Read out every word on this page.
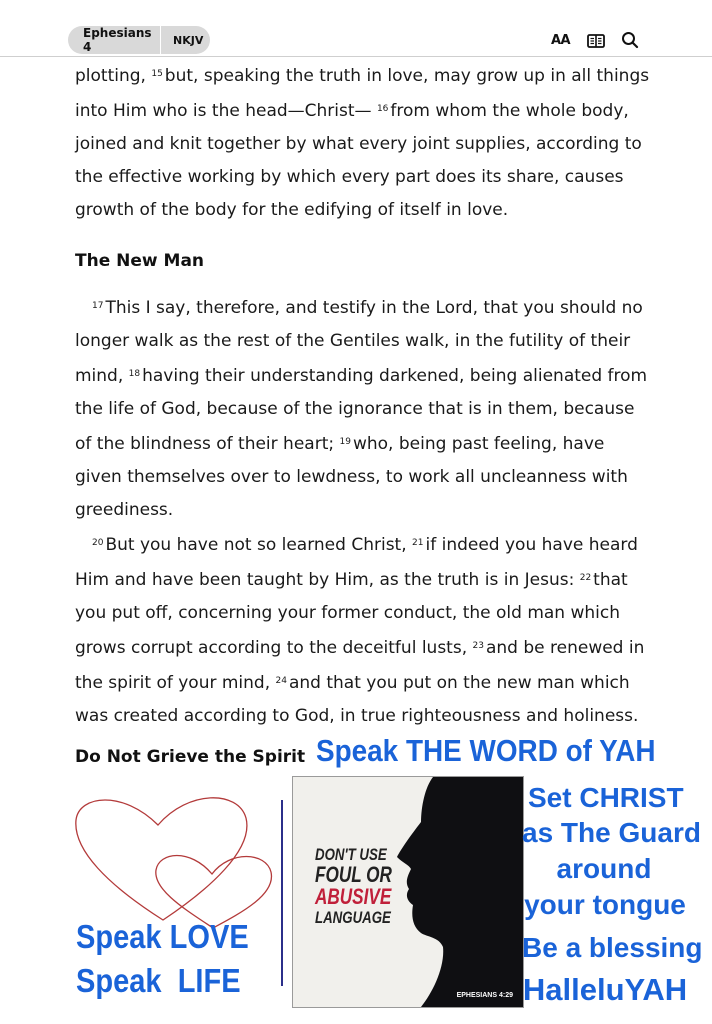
Ephesians 4	NKJV	AA

plotting, $^{15}$ but, speaking the truth in love, may grow up in all things into Him who is the head—Christ— $^{16}$ from whom the whole body, joined and knit together by what every joint supplies, according to the effective working by which every part does its share, causes growth of the body for the edifying of itself in love.

The New Man

$^{17}$ This I say, therefore, and testify in the Lord, that you should no longer walk as the rest of the Gentiles walk, in the futility of their mind, $^{18}$ having their understanding darkened, being alienated from the life of God, because of the ignorance that is in them, because of the blindness of their heart; $^{19}$ who, being past feeling, have given themselves over to lewdness, to work all uncleanness with greediness.

$^{20}$ But you have not so learned Christ, $^{21}$ if indeed you have heard Him and have been taught by Him, as the truth is in Jesus: $^{22}$ that you put off, concerning your former conduct, the old man which grows corrupt according to the deceitful lusts, $^{23}$ and be renewed in the spirit of your mind, $^{24}$ and that you put on the new man which was created according to God, in true righteousness and holiness.

Do Not Grieve the Spirit Speak THE WORD of YAH
Speak LOVE
Speak  LIFE
DON'T USE
FOUL OR
ABUSIVE
LANGUAGE
EPHESIANS 4:29
Set CHRIST
as The Guard
around
your tongue
Be a blessing
HalleluYAH
